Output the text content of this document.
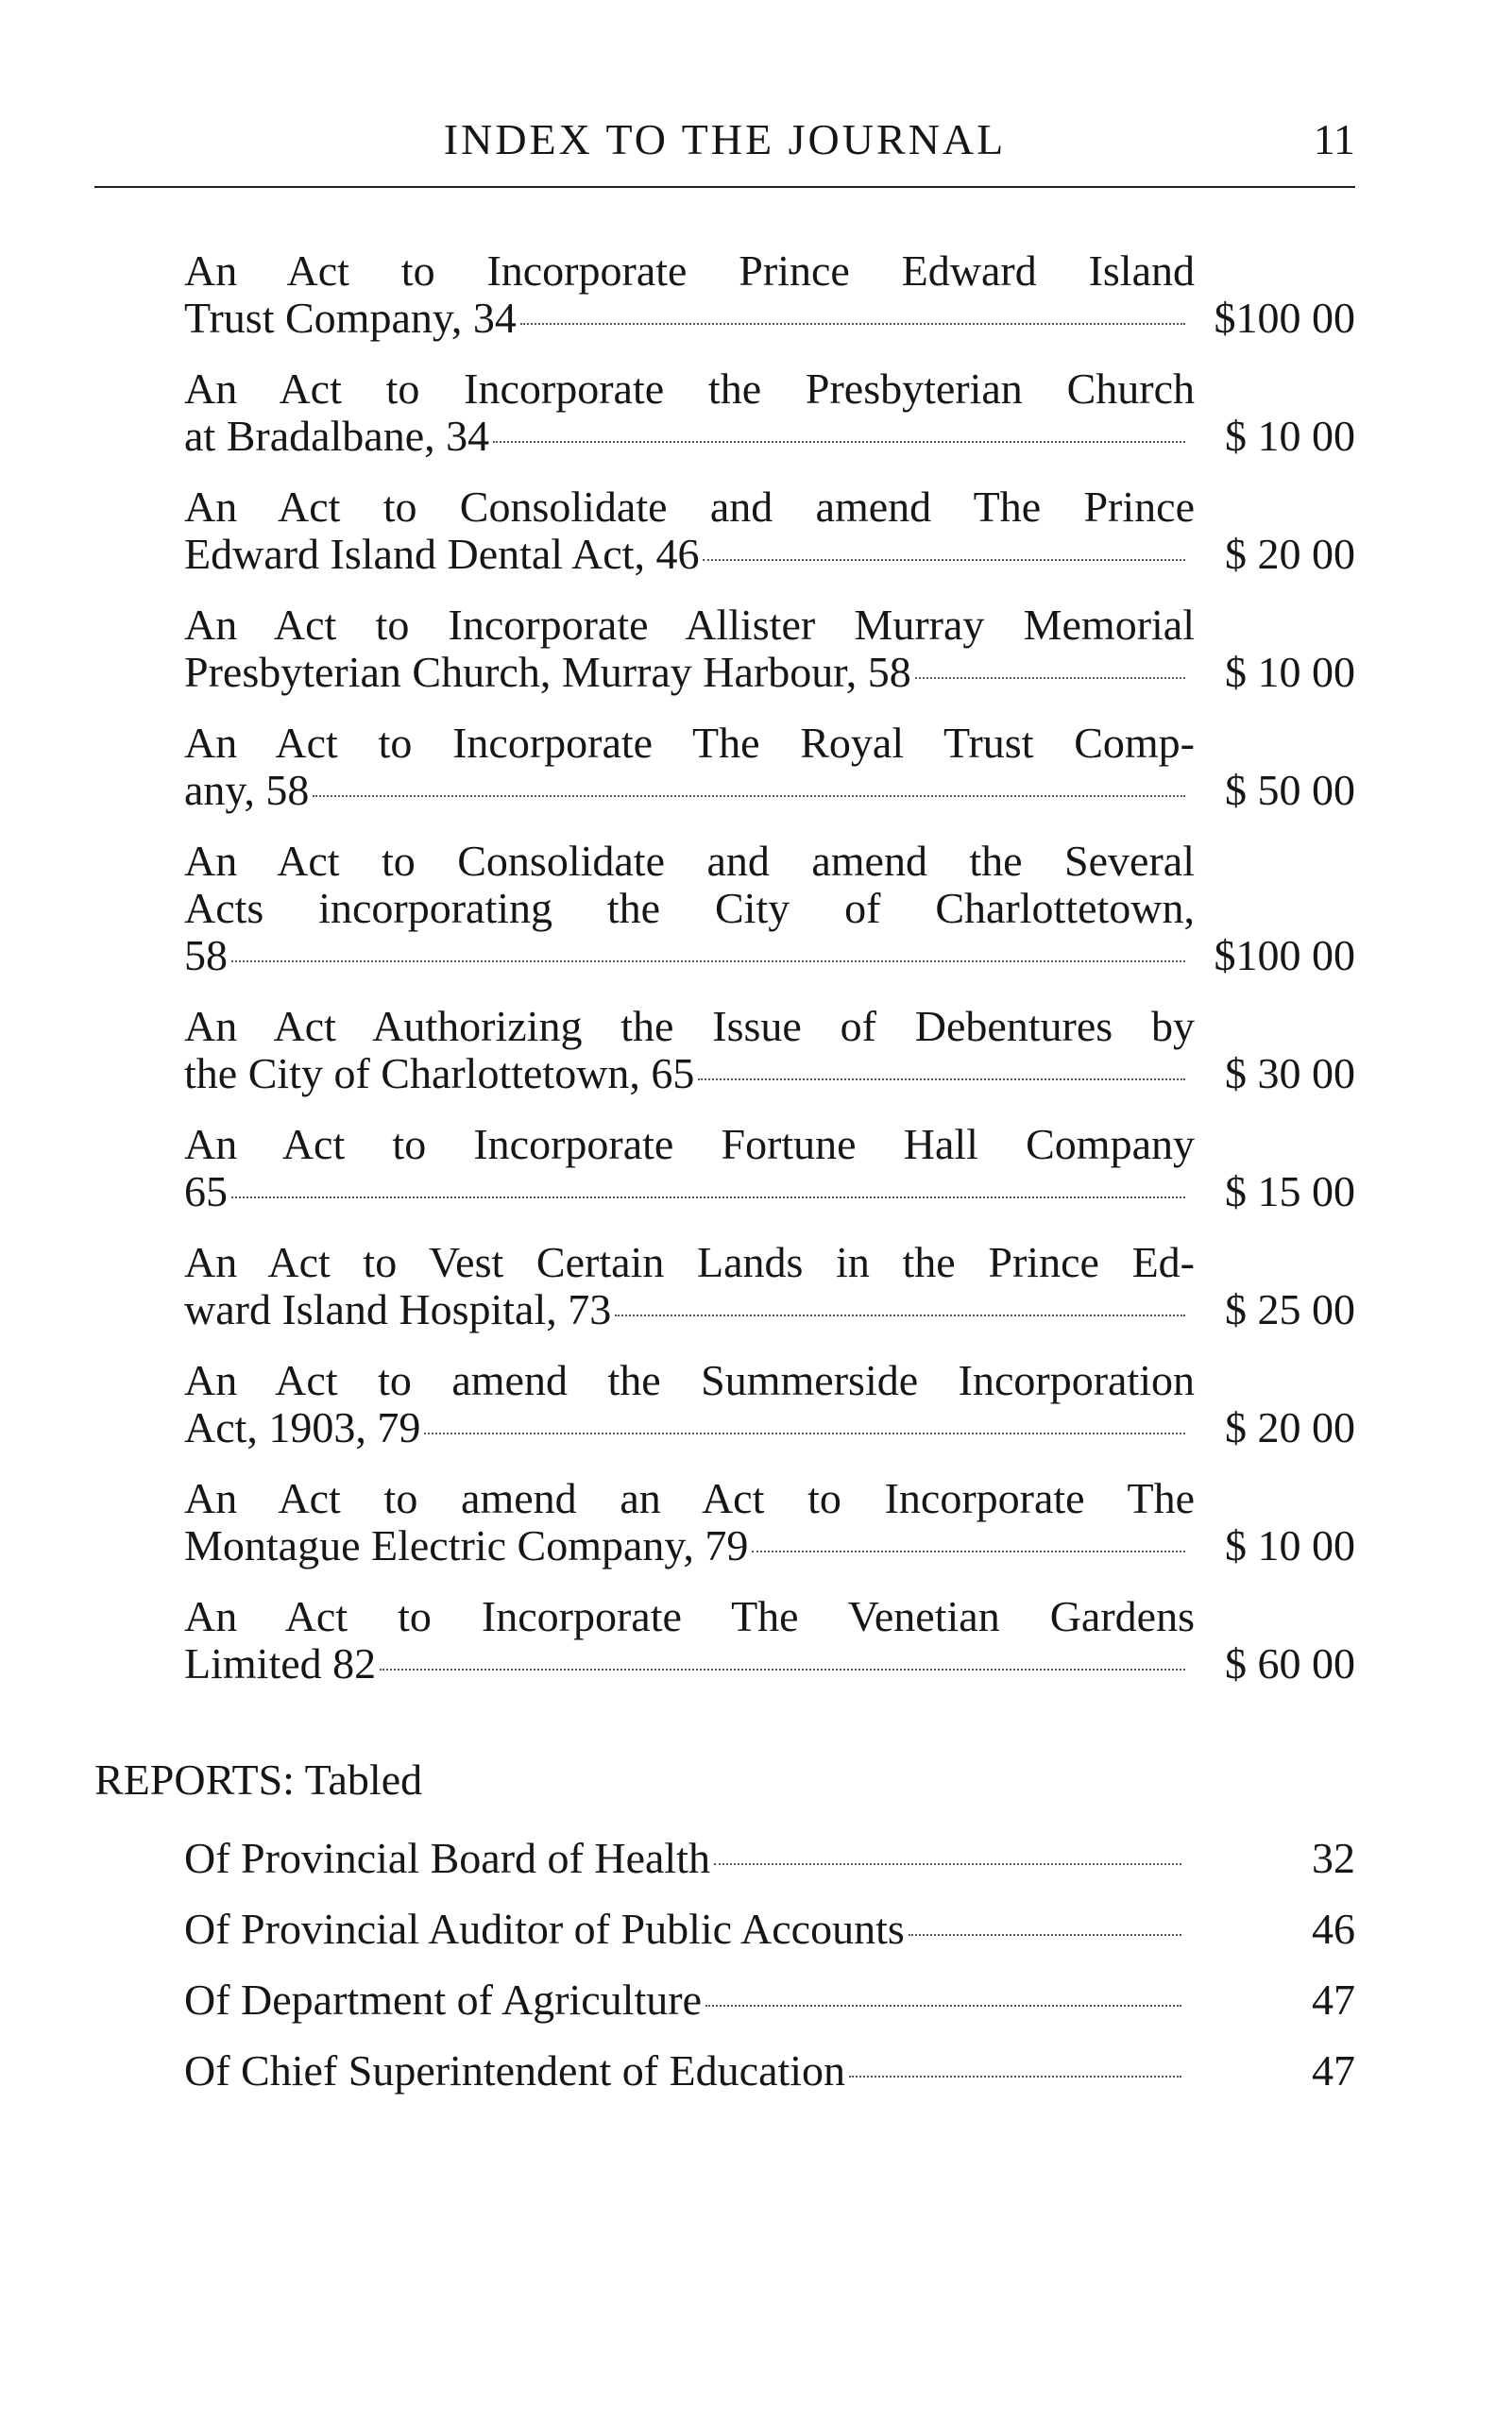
INDEX TO THE JOURNAL	11
An Act to Incorporate Prince Edward Island
Trust Company, 34	$100 00
An Act to Incorporate the Presbyterian Church
at Bradalbane, 34	$ 10 00
An Act to Consolidate and amend The Prince
Edward Island Dental Act, 46	$ 20 00
An Act to Incorporate Allister Murray Memorial
Presbyterian Church, Murray Harbour, 58	$ 10 00
An Act to Incorporate The Royal Trust Comp-
any, 58	$ 50 00
An Act to Consolidate and amend the Several
Acts incorporating the City of Charlottetown,
58	$100 00
An Act Authorizing the Issue of Debentures by
the City of Charlottetown, 65	$ 30 00
An Act to Incorporate Fortune Hall Company
65	$ 15 00
An Act to Vest Certain Lands in the Prince Ed-
ward Island Hospital, 73	$ 25 00
An Act to amend the Summerside Incorporation
Act, 1903, 79	$ 20 00
An Act to amend an Act to Incorporate The
Montague Electric Company, 79	$ 10 00
An Act to Incorporate The Venetian Gardens
Limited 82	$ 60 00
REPORTS: Tabled
Of Provincial Board of Health	32
Of Provincial Auditor of Public Accounts	46
Of Department of Agriculture	47
Of Chief Superintendent of Education	47
